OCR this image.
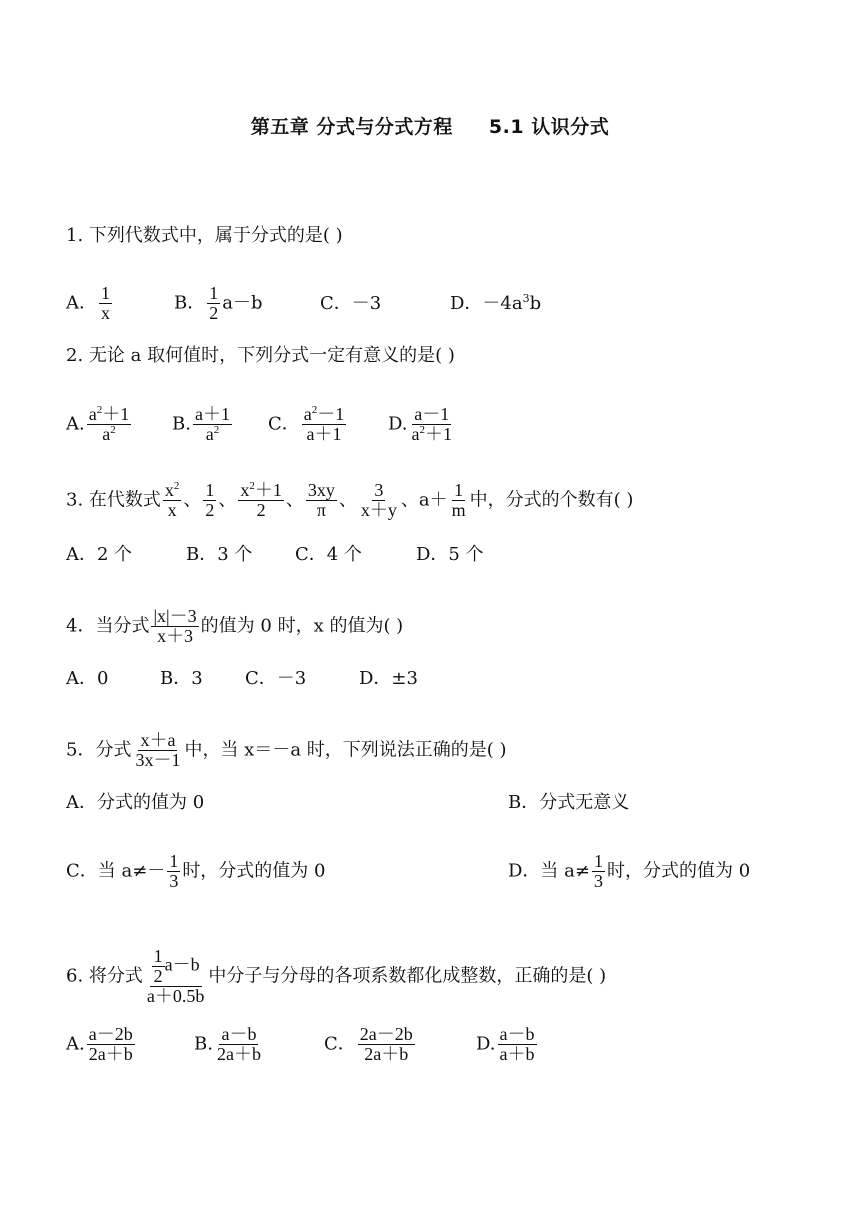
第五章 分式与分式方程 5.1 认识分式
1. 下列代数式中，属于分式的是( )
A． $\frac{1}{x}$	B． $\frac{1}{2} a-b$	C．－3	D．$-4a^3b$
2. 无论 a 取何值时，下列分式一定有意义的是( )
A. $\frac{a^2+1}{a^2} B$. $\frac{a+1}{a^2}$ C． $\frac{a^2-1}{a+1} D$. $\frac{a-1}{a^2+1}$
3. 在代数式 $\frac{x^2}{x}$ 、 $\frac{1}{2}$ 、 $\frac{x^2+1}{2}$ 、 $\frac{3xy}{\pi}$ 、 $\frac{3}{x+y}$ 、$a+ \frac{1}{m}$ 中，分式的个数有( )
A．2 个	B．3 个 C．4 个	D．5 个
4．当分式 $\frac{|x|-3}{x+3}$ 的值为 0 时，x 的值为( )
A．0	B．3 C．－3	D．±3
5．分式 $\frac{x+a}{3x-1}$ 中，当 x＝－a 时，下列说法正确的是( )
A．分式的值为 0	B．分式无意义
C．当 $a\ne- \frac{1}{3}$ 时，分式的值为 0	D．当 $a\ne \frac{1}{3}$ 时，分式的值为 0
6. 将分式 $\frac{\frac{1}{2} a-b}{a+0.5b}$ 中分子与分母的各项系数都化成整数，正确的是( )
A. $\frac{a-2b}{2a+b}$	B. $\frac{a-b}{2a+b}$	C． $\frac{2a-2b}{2a+b}$	D. $\frac{a-b}{a+b}$
